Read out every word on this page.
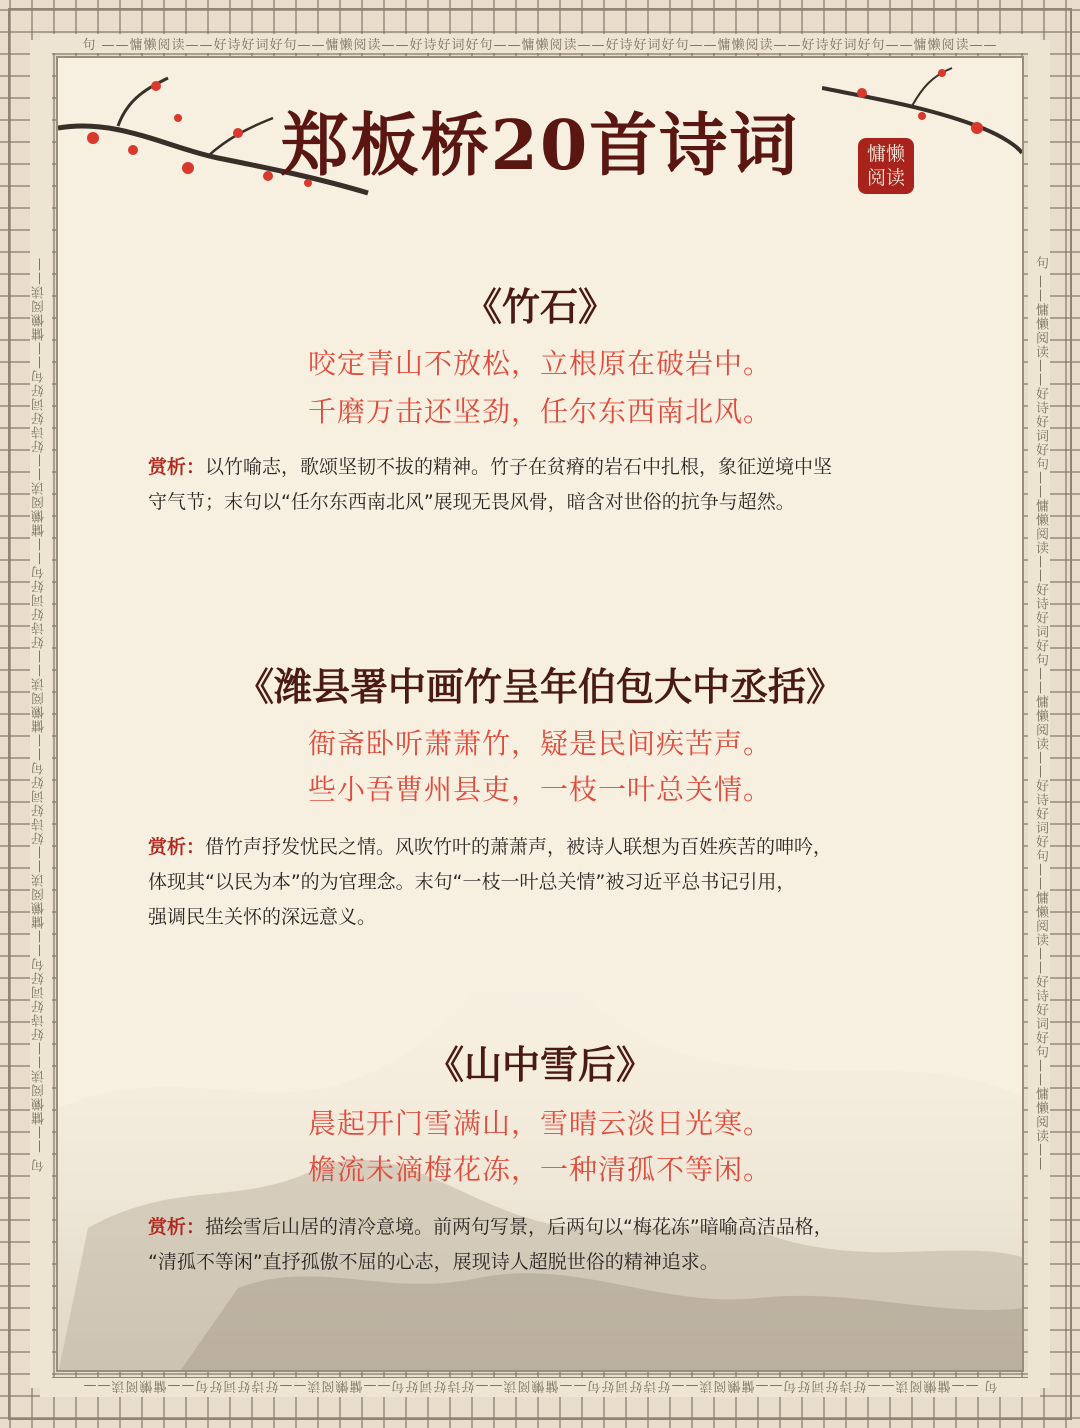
句 ——慵懒阅读——好诗好词好句——慵懒阅读——好诗好词好句——慵懒阅读——好诗好词好句——慵懒阅读——好诗好词好句——慵懒阅读——
句 ——慵懒阅读——好诗好词好句——慵懒阅读——好诗好词好句——慵懒阅读——好诗好词好句——慵懒阅读——好诗好词好句——慵懒阅读——
句 ——慵懒阅读——好诗好词好句——慵懒阅读——好诗好词好句——慵懒阅读——好诗好词好句——慵懒阅读——好诗好词好句——慵懒阅读——	句 ——慵懒阅读——好诗好词好句——慵懒阅读——好诗好词好句——慵懒阅读——好诗好词好句——慵懒阅读——好诗好词好句——慵懒阅读——
郑板桥20首诗词	慵懒
阅读
《竹石》
咬定青山不放松，立根原在破岩中。
千磨万击还坚劲，任尔东西南北风。
赏析：以竹喻志，歌颂坚韧不拔的精神。竹子在贫瘠的岩石中扎根，象征逆境中坚
守气节；末句以“任尔东西南北风”展现无畏风骨，暗含对世俗的抗争与超然。
《潍县署中画竹呈年伯包大中丞括》
衙斋卧听萧萧竹，疑是民间疾苦声。
些小吾曹州县吏，一枝一叶总关情。
赏析：借竹声抒发忧民之情。风吹竹叶的萧萧声，被诗人联想为百姓疾苦的呻吟，
体现其“以民为本”的为官理念。末句“一枝一叶总关情”被习近平总书记引用，
强调民生关怀的深远意义。
《山中雪后》
晨起开门雪满山，雪晴云淡日光寒。
檐流未滴梅花冻，一种清孤不等闲。
赏析：描绘雪后山居的清冷意境。前两句写景，后两句以“梅花冻”暗喻高洁品格，
“清孤不等闲”直抒孤傲不屈的心志，展现诗人超脱世俗的精神追求。
